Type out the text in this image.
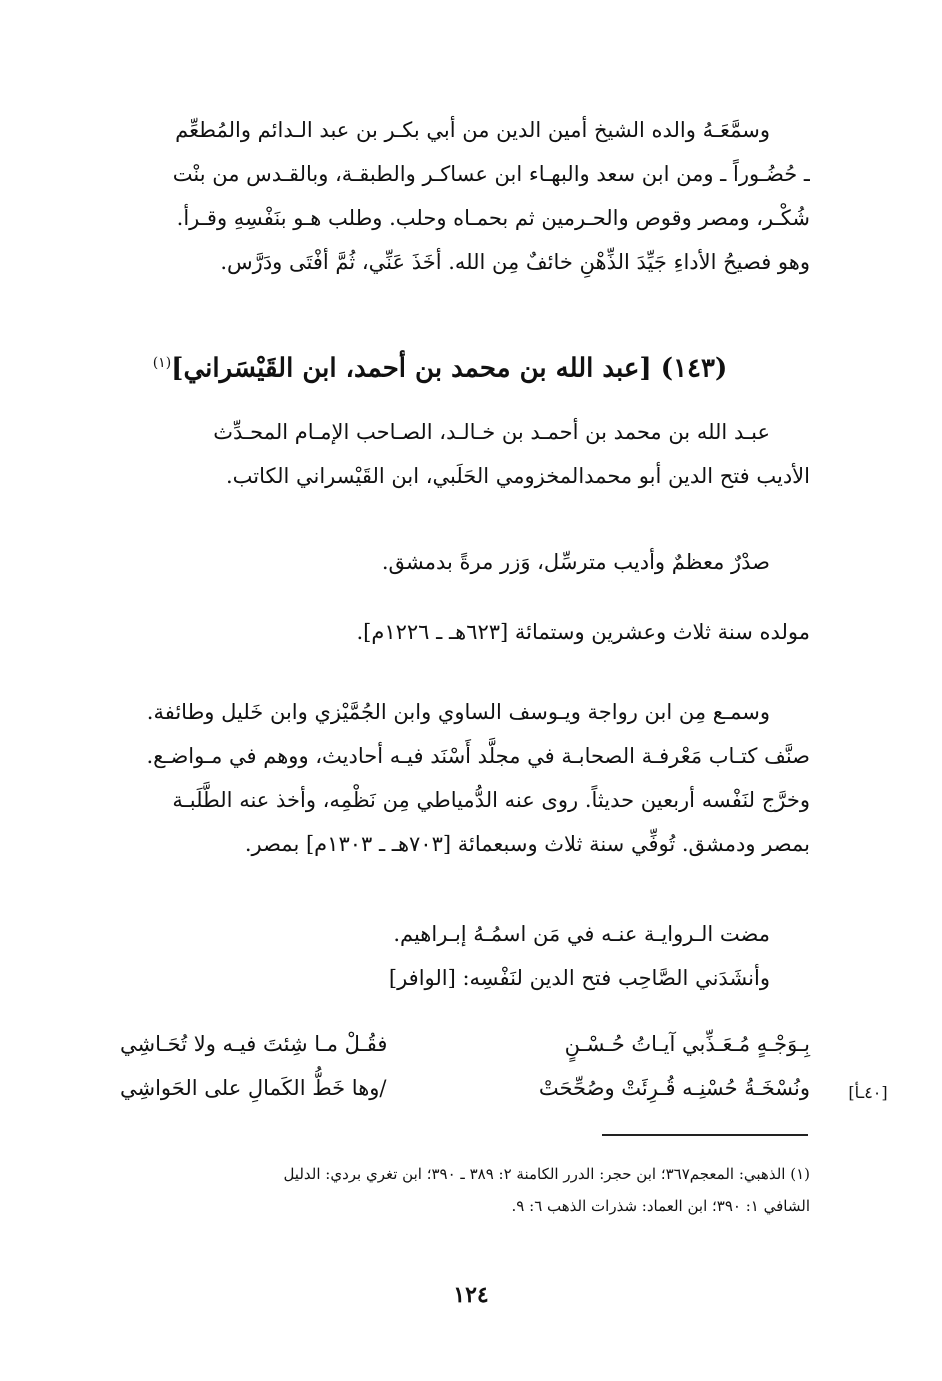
وسمَّعَـهُ والده الشيخ أمين الدين من أبي بكـر بن عبد الـدائم والمُطعِّم
ـ حُضُـوراً ـ ومن ابن سعد والبهـاء ابن عساكـر والطبقـة، وبالقـدس من بنْت
شُكْـر، ومصر وقوص والحـرمين ثم بحمـاه وحلب. وطلب هـو بنَفْسِهِ وقـرأ.
وهو فصيحُ الأداءِ جَيِّدَ الذِّهْنِ خائفٌ مِن الله. أخَذَ عَنِّي، ثُمَّ أفْتَى ودَرَّس.
(١٤٣) [عبد الله بن محمد بن أحمد، ابن القَيْسَراني]$^{(١)}$
عبـد الله بن محمد بن أحمـد بن خـالـد، الصـاحب الإمـام المحـدِّث
الأديب فتح الدين أبو محمدالمخزومي الحَلَبي، ابن القَيْسراني الكاتب.
صدْرٌ معظمٌ وأديب مترسِّل، وَزر مرةً بدمشق.
مولده سنة ثلاث وعشرين وستمائة [٦٢٣هـ ـ ١٢٢٦م].
وسمـع مِن ابن رواجة ويـوسف الساوي وابن الجُمَّيْزي وابن خَليل وطائفة.
صنَّف كتـاب مَعْرفـة الصحابـة في مجلَّد أَسْنَد فيـه أحاديث، ووهم في مـواضـع.
وخرَّج لنَفْسه أربعين حديثاً. روى عنه الدُّمياطي مِن نَظْمِه، وأخذ عنه الطَّلَبـة
بمصر ودمشق. تُوفِّي سنة ثلاث وسبعمائة [٧٠٣هـ ـ ١٣٠٣م] بمصر.
مضت الـروايـة عنـه في مَن اسمُـهُ إبـراهيم.
وأنشَدَني الصَّاحِب فتح الدين لنَفْسِه: [الوافر]
بِـوَجْـهٍ مُـعَـذِّبي آيـاتُ حُـسْـنٍ
فقُـلْ مـا شِئتَ فيـه ولا تُحَـاشِي
ونُسْخَـةُ حُسْنِـه قُـرِئَتْ وصُحِّحَتْ
/وها خَطُّ الكَمالِ على الحَواشِي	[٤٠ـأ]
(١) الذهبي: المعجم٣٦٧؛ ابن حجر: الدرر الكامنة ٢: ٣٨٩ ـ ٣٩٠؛ ابن تغري بردي: الدليل
الشافي ١: ٣٩٠؛ ابن العماد: شذرات الذهب ٦: ٩.
١٢٤
